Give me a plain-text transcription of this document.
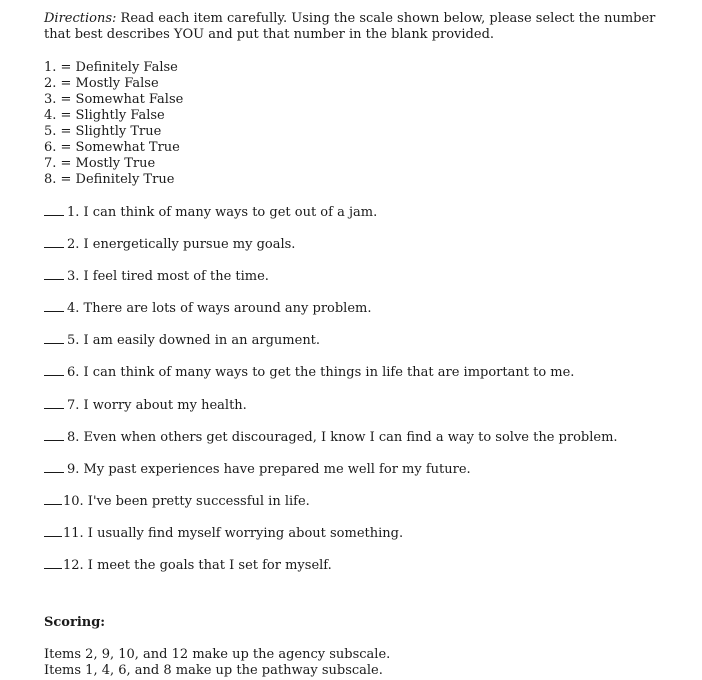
Directions: Read each item carefully. Using the scale shown below, please select the number that best describes YOU and put that number in the blank provided.

1. = Definitely False
2. = Mostly False
3. = Somewhat False
4. = Slightly False
5. = Slightly True
6. = Somewhat True
7. = Mostly True
8. = Definitely True
1. I can think of many ways to get out of a jam.
2. I energetically pursue my goals.
3. I feel tired most of the time.
4. There are lots of ways around any problem.
5. I am easily downed in an argument.
6. I can think of many ways to get the things in life that are important to me.
7. I worry about my health.
8. Even when others get discouraged, I know I can find a way to solve the problem.
9. My past experiences have prepared me well for my future.
10. I've been pretty successful in life.
11. I usually find myself worrying about something.
12. I meet the goals that I set for myself.
Scoring:
Items 2, 9, 10, and 12 make up the agency subscale.
Items 1, 4, 6, and 8 make up the pathway subscale.
